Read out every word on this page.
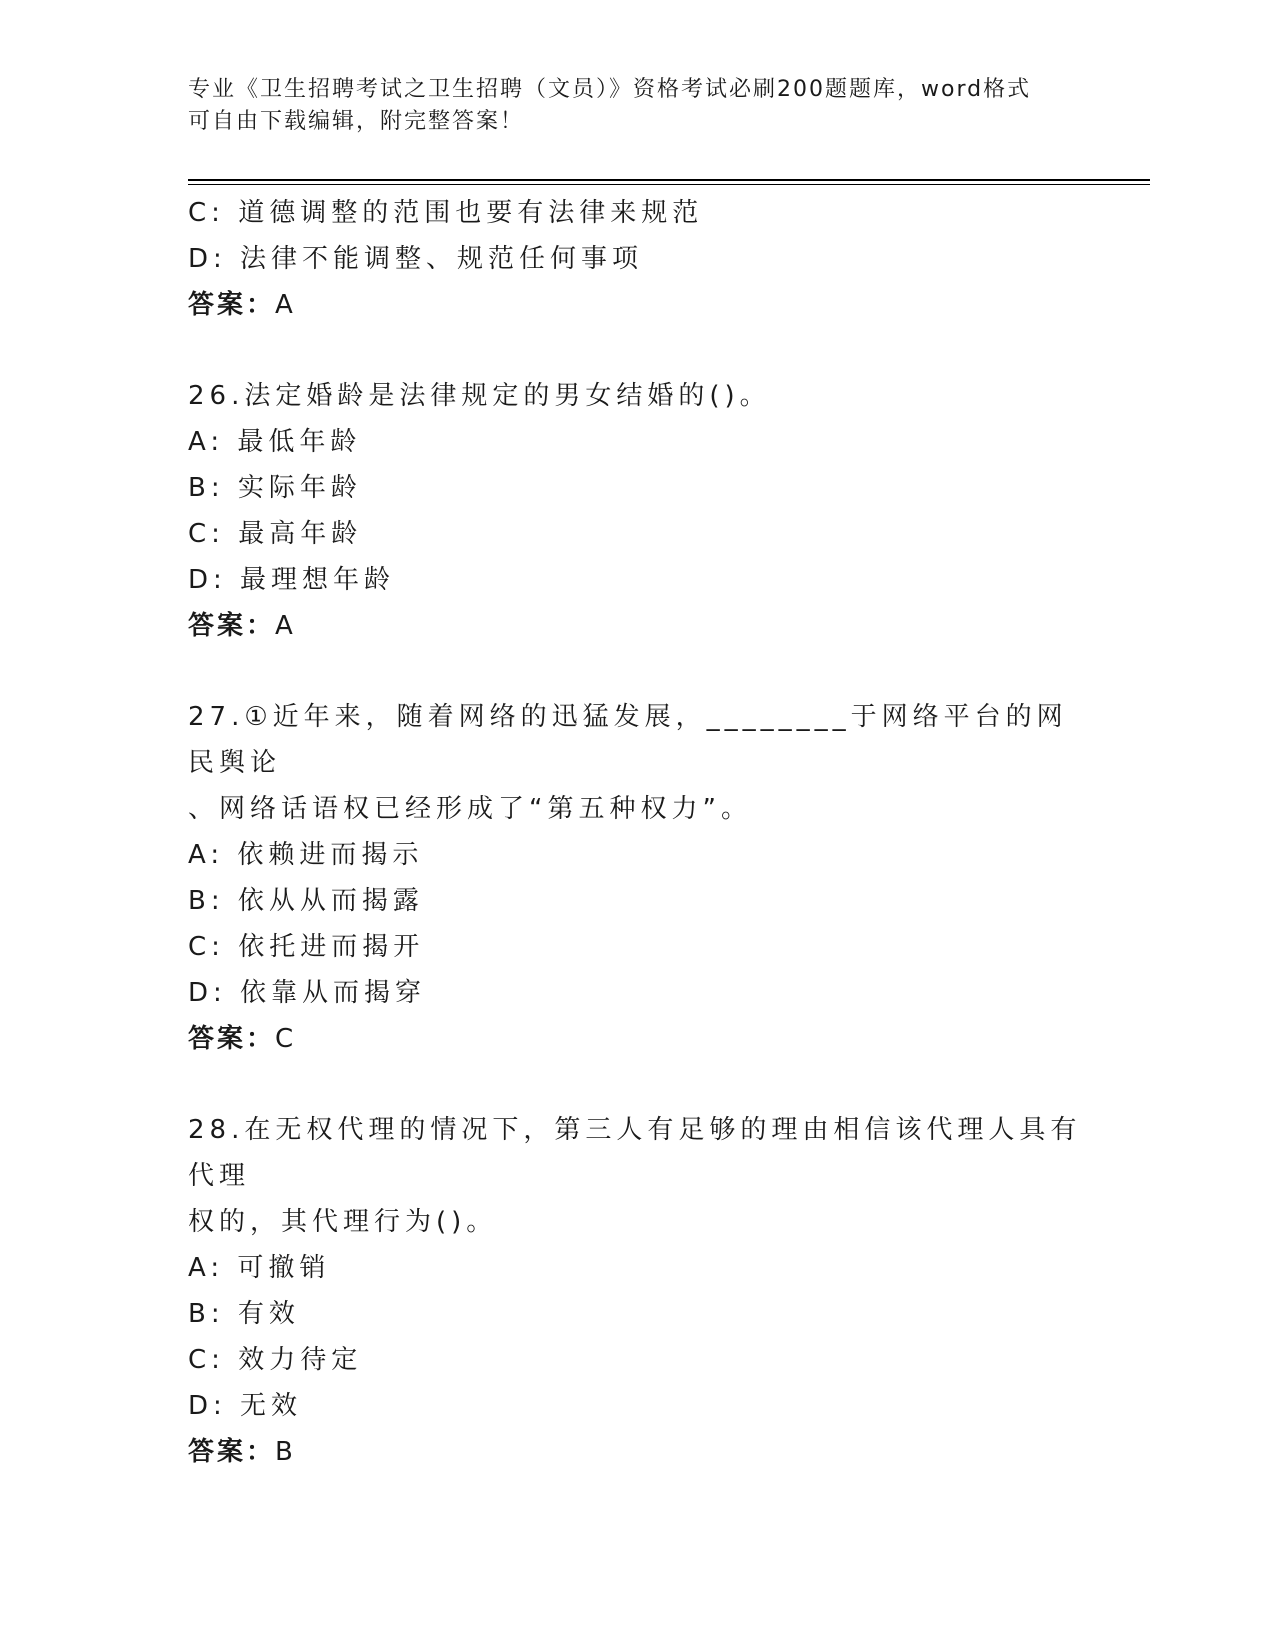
专业《卫生招聘考试之卫生招聘（文员）》资格考试必刷200题题库，word格式
可自由下载编辑，附完整答案！
C: 道德调整的范围也要有法律来规范
D: 法律不能调整、规范任何事项
答案：A
26.法定婚龄是法律规定的男女结婚的()。
A: 最低年龄
B: 实际年龄
C: 最高年龄
D: 最理想年龄
答案：A
27.①近年来，随着网络的迅猛发展，________于网络平台的网民舆论
、网络话语权已经形成了“第五种权力”。
A: 依赖进而揭示
B: 依从从而揭露
C: 依托进而揭开
D: 依靠从而揭穿
答案：C
28.在无权代理的情况下，第三人有足够的理由相信该代理人具有代理
权的，其代理行为()。
A: 可撤销
B: 有效
C: 效力待定
D: 无效
答案：B
